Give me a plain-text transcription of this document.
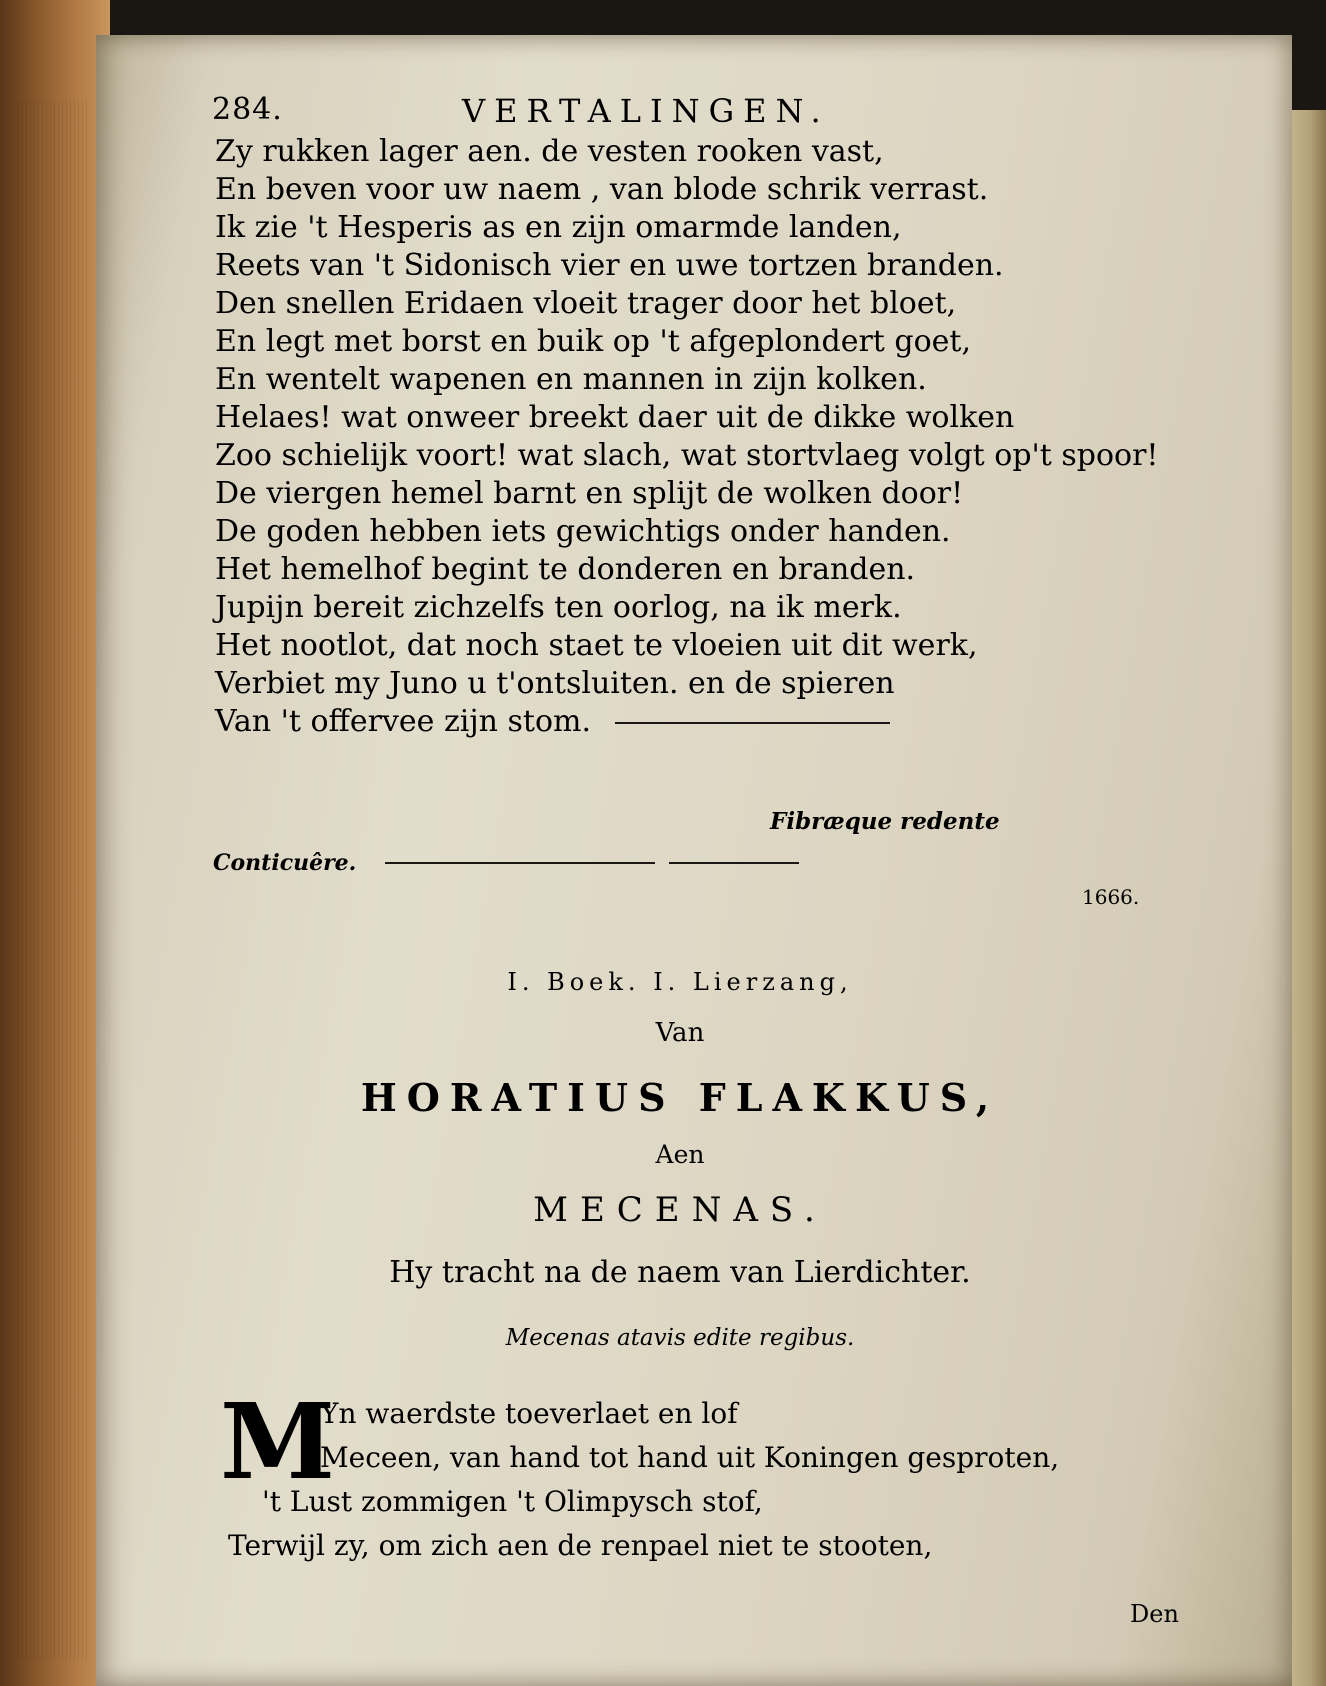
284.	VERTALINGEN.
Zy rukken lager aen. de vesten rooken vast,
En beven voor uw naem , van blode schrik verrast.
Ik zie 't Hesperis as en zijn omarmde landen,
Reets van 't Sidonisch vier en uwe tortzen branden.
Den snellen Eridaen vloeit trager door het bloet,
En legt met borst en buik op 't afgeplondert goet,
En wentelt wapenen en mannen in zijn kolken.
Helaes! wat onweer breekt daer uit de dikke wolken
Zoo schielijk voort! wat slach, wat stortvlaeg volgt op't spoor!
De viergen hemel barnt en splijt de wolken door!
De goden hebben iets gewichtigs onder handen.
Het hemelhof begint te donderen en branden.
Jupijn bereit zichzelfs ten oorlog, na ik merk.
Het nootlot, dat noch staet te vloeien uit dit werk,
Verbiet my Juno u t'ontsluiten. en de spieren
Van 't offervee zijn stom.
Fibræque redente
Conticuêre.
1666.
I. Boek. I. Lierzang,
Van
HORATIUS FLAKKUS,
Aen
MECENAS.
Hy tracht na de naem van Lierdichter.
Mecenas atavis edite regibus.
M
Yn waerdste toeverlaet en lof
Meceen, van hand tot hand uit Koningen gesproten,
't Lust zommigen 't Olimpysch stof,
Terwijl zy, om zich aen de renpael niet te stooten,
Den
